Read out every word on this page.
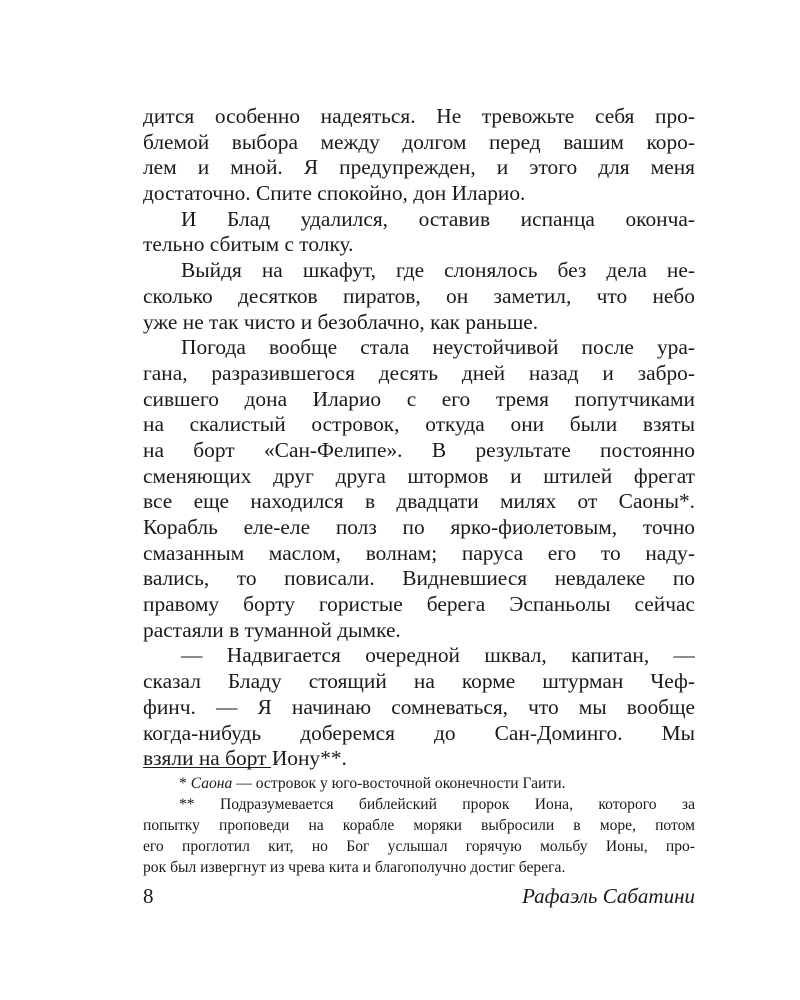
дится особенно надеяться. Не тревожьте себя про-
блемой выбора между долгом перед вашим коро-
лем и мной. Я предупрежден, и этого для меня
достаточно. Спите спокойно, дон Иларио.
И Блад удалился, оставив испанца оконча-
тельно сбитым с толку.
Выйдя на шкафут, где слонялось без дела не-
сколько десятков пиратов, он заметил, что небо
уже не так чисто и безоблачно, как раньше.
Погода вообще стала неустойчивой после ура-
гана, разразившегося десять дней назад и забро-
сившего дона Иларио с его тремя попутчиками
на скалистый островок, откуда они были взяты
на борт «Сан-Фелипе». В результате постоянно
сменяющих друг друга штормов и штилей фрегат
все еще находился в двадцати милях от Саоны*.
Корабль еле-еле полз по ярко-фиолетовым, точно
смазанным маслом, волнам; паруса его то наду-
вались, то повисали. Видневшиеся невдалеке по
правому борту гористые берега Эспаньолы сейчас
растаяли в туманной дымке.
— Надвигается очередной шквал, капитан, —
сказал Бладу стоящий на корме штурман Чеф-
финч. — Я начинаю сомневаться, что мы вообще
когда-нибудь доберемся до Сан-Доминго. Мы
взяли на борт Иону**.
* Саона — островок у юго-восточной оконечности Гаити.
** Подразумевается библейский пророк Иона, которого за
попытку проповеди на корабле моряки выбросили в море, потом
его проглотил кит, но Бог услышал горячую мольбу Ионы, про-
рок был извергнут из чрева кита и благополучно достиг берега.
8	Рафаэль Сабатини
